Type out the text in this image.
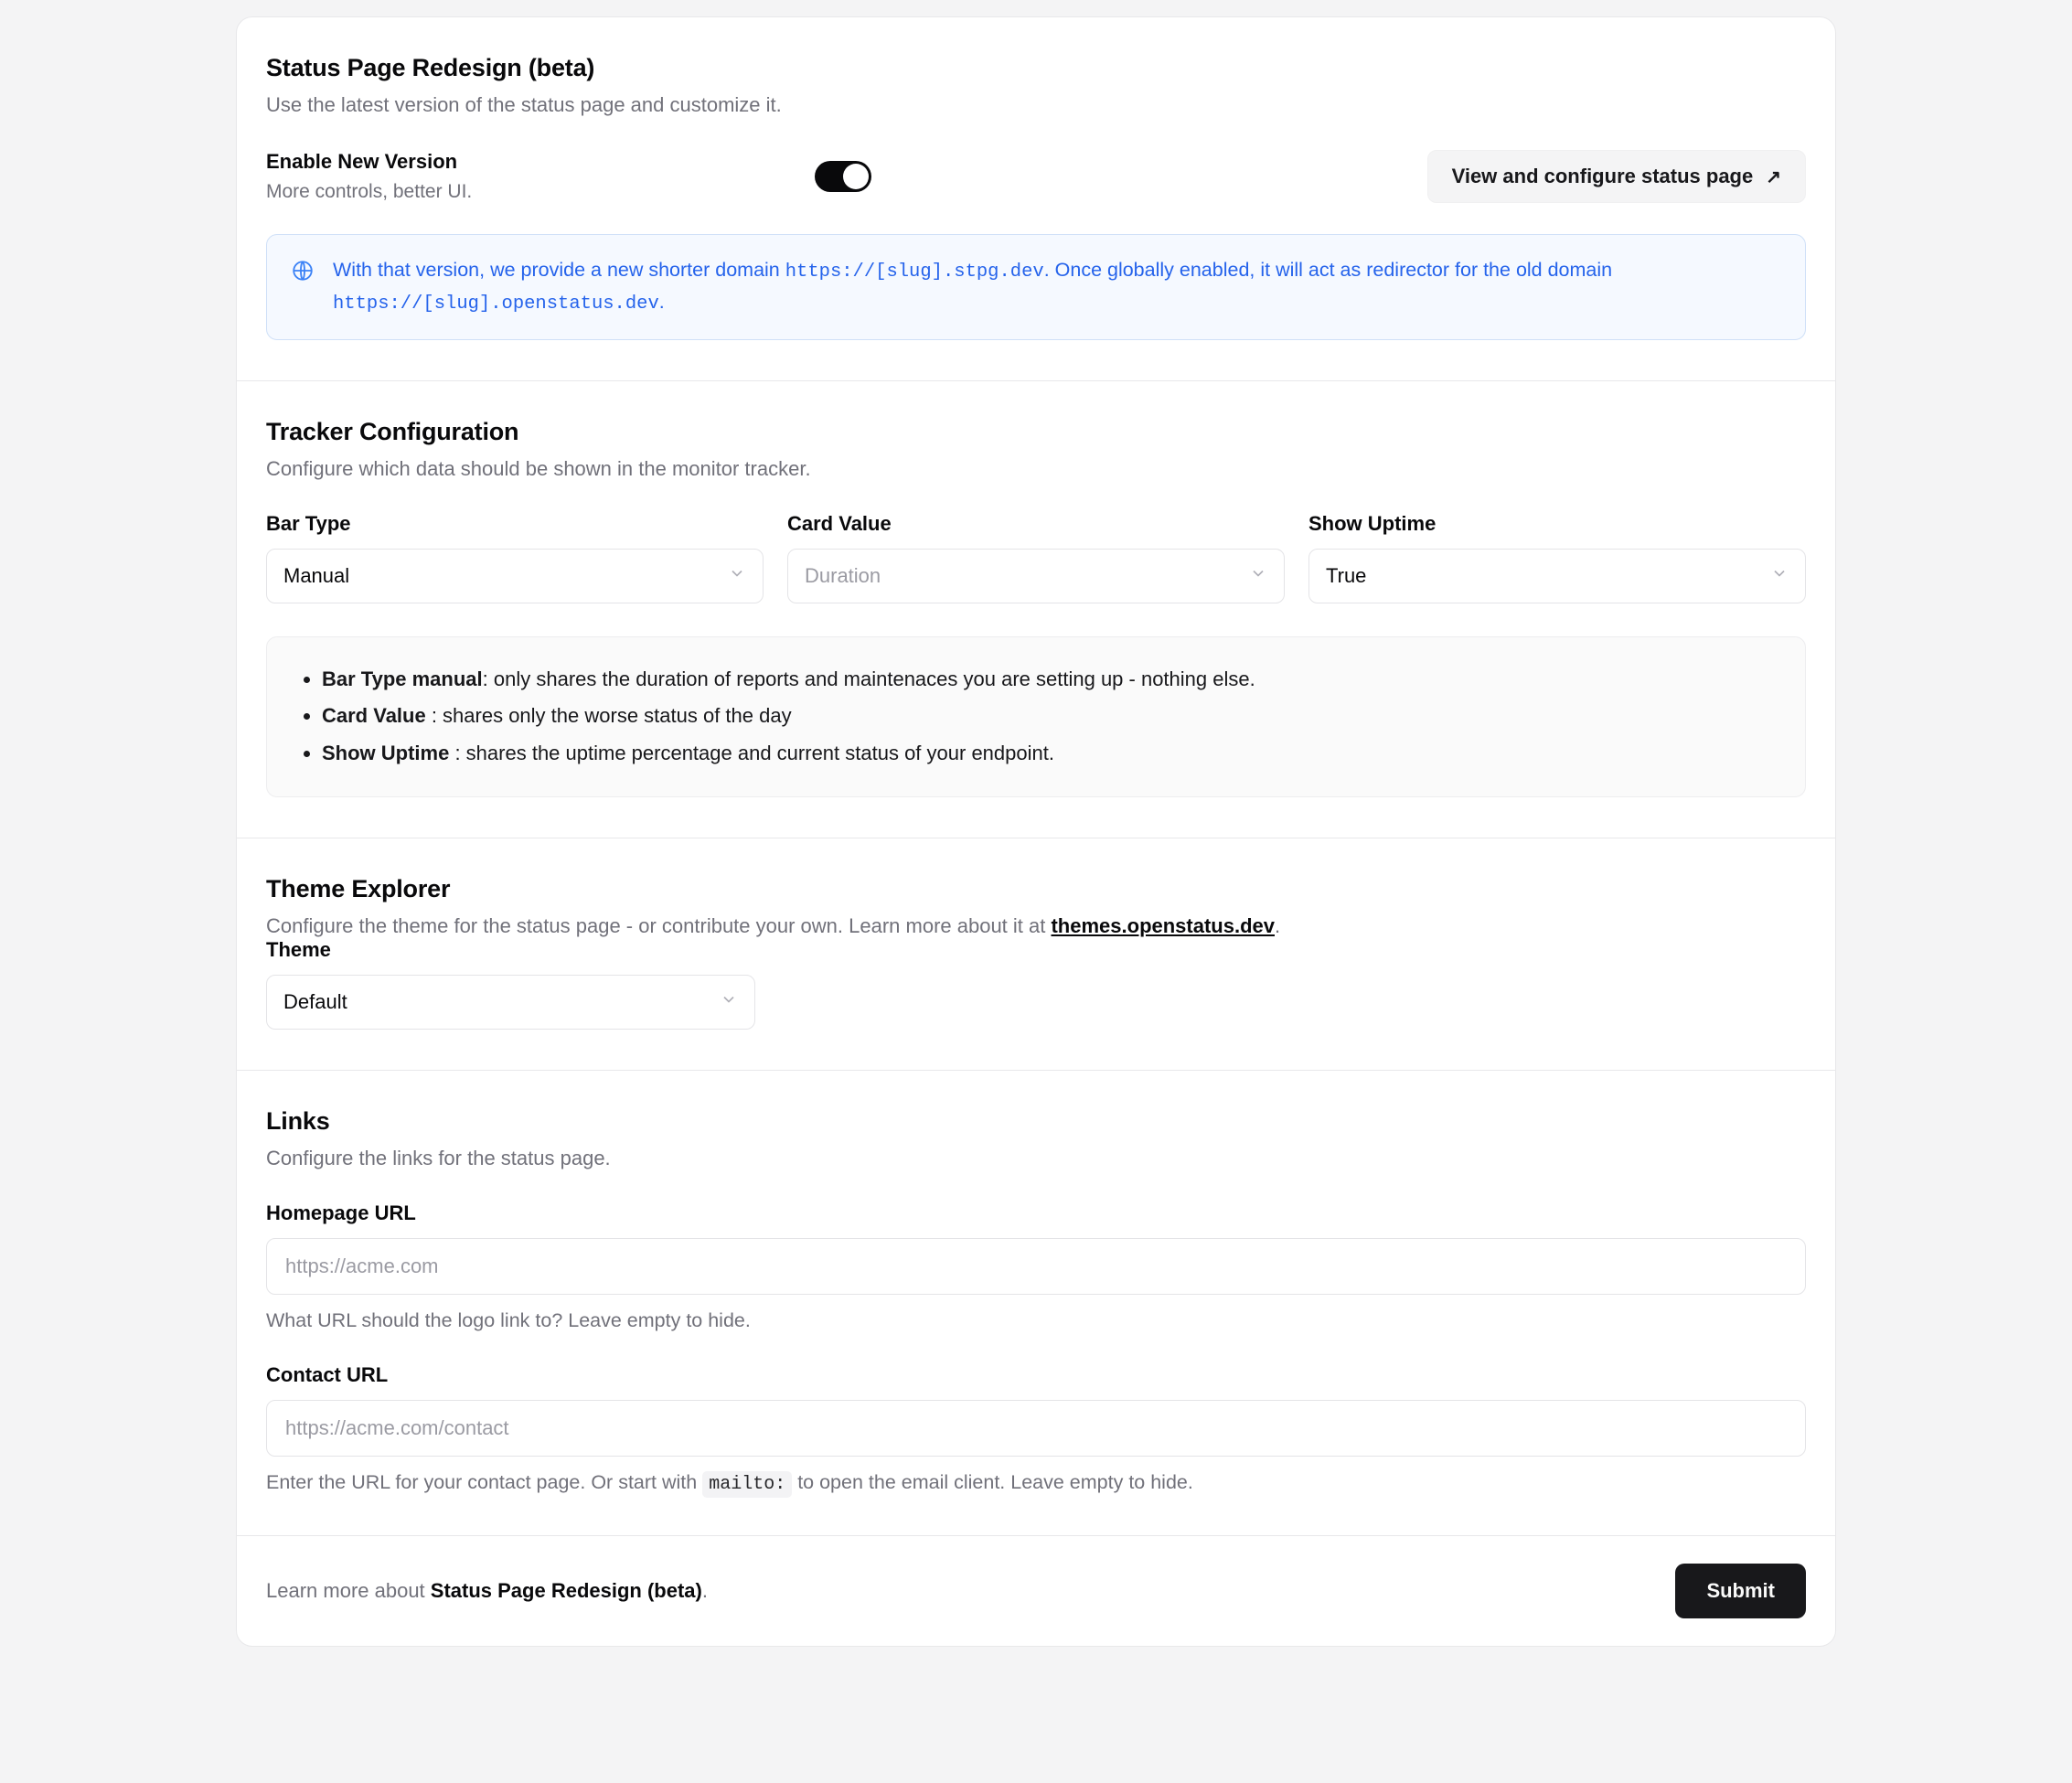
Status Page Redesign (beta)

Use the latest version of the status page and customize it.

Enable New Version
More controls, better UI.
View and configure status page ↗
With that version, we provide a new shorter domain https://[slug].stpg.dev. Once globally enabled, it will act as redirector for the old domain https://[slug].openstatus.dev.
Tracker Configuration

Configure which data should be shown in the monitor tracker.

Bar Type
Manual
Card Value
Duration
Show Uptime
True
• Bar Type manual: only shares the duration of reports and maintenaces you are setting up - nothing else.
• Card Value : shares only the worse status of the day
• Show Uptime : shares the uptime percentage and current status of your endpoint.
Theme Explorer

Configure the theme for the status page - or contribute your own. Learn more about it at themes.openstatus.dev.

Theme
Default
Links

Configure the links for the status page.

Homepage URL
https://acme.com
What URL should the logo link to? Leave empty to hide.
Contact URL
https://acme.com/contact
Enter the URL for your contact page. Or start with mailto: to open the email client. Leave empty to hide.
Learn more about Status Page Redesign (beta).	Submit
